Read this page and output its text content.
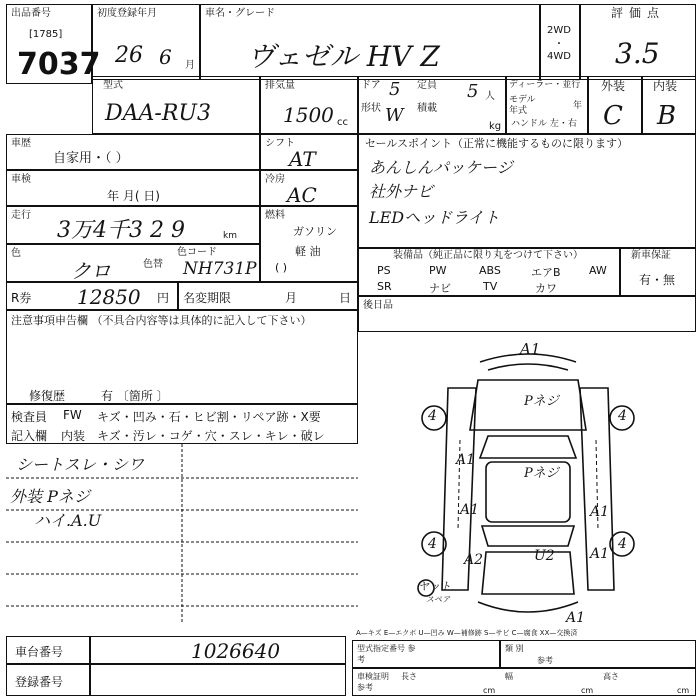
出品番号
[1785]
7037
初度登録年月
26 6 月
車名・グレード
ヴェゼル HV Z
2WD
・
4WD
評価点
3.5
型式
DAA-RU3
排気量
1500 cc
ドア 5 定員 5 人
形状 W 積載
kg
ディーラー・並行
モデル年式	年
ハンドル 左・右
外装
C
内装
B
車歴
自家用・（ ）
シフト
AT
車検
年 月( 日)
冷房
AC
走行
3万4千3 2 9	km
燃料
ガソリン
軽 油
( )
色
クロ	色替
色コード
NH731P
R券 12850 円 名変期限	月	日
セールスポイント（正常に機能するものに限ります）
あんしんパッケージ
社外ナビ
LEDヘッドライト
装備品（純正品に限り丸をつけて下さい）
PS	PW	ABS	エアB	AW
SR	ナビ	TV	カワ
新車保証
有・無
後日品
注意事項申告欄 （不具合内容等は具体的に記入して下さい）
修復歴	有 〔箇所 〕
検査員
記入欄
FW キズ・凹み・石・ヒビ割・リペア跡・X要
内装 キズ・汚レ・コゲ・穴・スレ・キレ・破レ
シートスレ・シワ
外装 Pネジ
ハイ.A.U
A1
Pネジ
A1
Pネジ
A1	A1
A2	U2	A1
A1
4	4
4	4
ヤット
スペア
A—キズ E—エクボ U—凹み W—補修跡 S—サビ C—腐食 XX—交換済
車台番号	1026640
登録番号
型式指定番号 参考
類 別
参考
車検証明 参考
長さ
cm
幅
cm
高さ
cm
